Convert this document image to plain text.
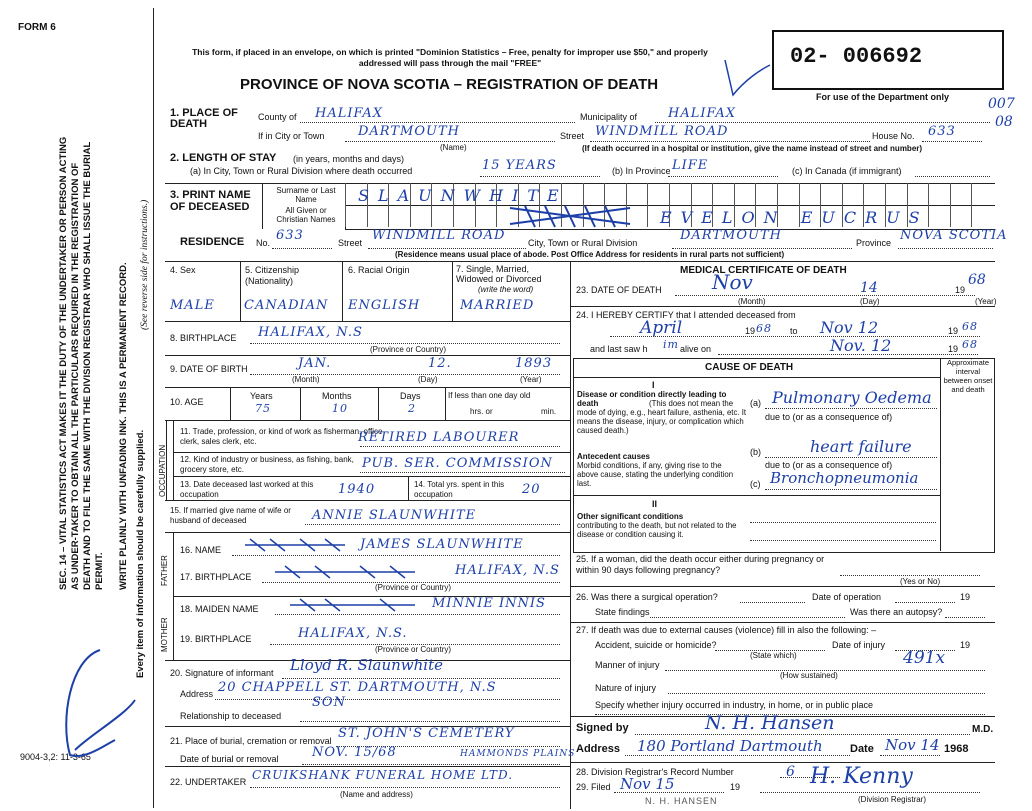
FORM 6
SEC. 14 – VITAL STATISTICS ACT MAKES IT THE DUTY OF THE UNDERTAKER OR PERSON ACTING AS UNDER-TAKER TO OBTAIN ALL THE PARTICULARS REQUIRED IN THE REGISTRATION OF DEATH AND TO FILE THE SAME WITH THE DIVISION REGISTRAR WHO SHALL ISSUE THE BURIAL PERMIT. WRITE PLAINLY WITH UNFADING INK. THIS IS A PERMANENT RECORD. Every item of information should be carefully supplied.
(See reverse side for instructions.)
9004-3,2: 11-3-65
This form, if placed in an envelope, on which is printed "Dominion Statistics – Free, penalty for improper use $50," and properly addressed will pass through the mail "FREE"
PROVINCE OF NOVA SCOTIA – REGISTRATION OF DEATH
02- 006692
For use of the Department only	007
08
1. PLACE OF DEATH
County of HALIFAX	Municipality of HALIFAX
If in City or Town	DARTMOUTH
(Name)
Street WINDMILL ROAD	House No. 633
(If death occurred in a hospital or institution, give the name instead of street and number)
2. LENGTH OF STAY (in years, months and days)
(a) In City, Town or Rural Division where death occurred	15 YEARS	(b) In Province LIFE	(c) In Canada (if immigrant)
3. PRINT NAME OF DECEASED
Surname or Last Name
All Given or Christian Names
SLAUNWHITE
EVELON EUCRUS
RESIDENCE No. 633	Street WINDMILL ROAD	City, Town or Rural Division	DARTMOUTH	Province NOVA SCOTIA
(Residence means usual place of abode. Post Office Address for residents in rural parts not sufficient)
4. Sex
MALE
5. Citizenship (Nationality)
CANADIAN
6. Racial Origin
ENGLISH
7. Single, Married, Widowed or Divorced
(write the word)
MARRIED
8. BIRTHPLACE HALIFAX, N.S
(Province or Country)
9. DATE OF BIRTH	JAN.	12.	1893
(Month)	(Day)	(Year)
10. AGE
Years	Months	Days
75	10	2
If less than one day old
hrs. or	min.
OCCUPATION
11. Trade, profession, or kind of work as fisherman, office clerk, sales clerk, etc.	RETIRED LABOURER
12. Kind of industry or business, as fishing, bank, grocery store, etc.	PUB. SER. COMMISSION
13. Date deceased last worked at this occupation	1940	14. Total yrs. spent in this occupation	20
15. If married give name of wife or husband of deceased	ANNIE SLAUNWHITE
FATHER
MOTHER
16. NAME	JAMES SLAUNWHITE
17. BIRTHPLACE	HALIFAX, N.S
(Province or Country)
18. MAIDEN NAME	MINNIE INNIS
19. BIRTHPLACE	HALIFAX, N.S.
(Province or Country)
20. Signature of informant Lloyd R. Slaunwhite
Address 20 CHAPPELL ST. DARTMOUTH, N.S
SON
Relationship to deceased
21. Place of burial, cremation or removal ST. JOHN'S CEMETERY
Date of burial or removal	NOV. 15/68	HAMMONDS PLAINS
22. UNDERTAKER CRUIKSHANK FUNERAL HOME LTD.
(Name and address)
MEDICAL CERTIFICATE OF DEATH
23. DATE OF DEATH	Nov	14	19
68
(Month)	(Day)	(Year)
24. I HEREBY CERTIFY that I attended deceased from
April	19 68 to Nov 12	19 68
and last saw h im alive on	Nov. 12	19 68
CAUSE OF DEATH	Approximate interval between onset and death
I
Disease or condition directly leading to death	(This does not mean the mode of dying, e.g., heart failure, asthenia, etc. It means the disease, injury, or complication which caused death.)
(a) Pulmonary Oedema
due to (or as a consequence of)
Antecedent causes
Morbid conditions, if any, giving rise to the above cause, stating the underlying condition last.
(b)	heart failure
due to (or as a consequence of)
(c) Bronchopneumonia
II
Other significant conditions
contributing to the death, but not related to the disease or condition causing it.
25. If a woman, did the death occur either during pregnancy or within 90 days following pregnancy?
(Yes or No)
26. Was there a surgical operation?	Date of operation	19
State findings	Was there an autopsy?
27. If death was due to external causes (violence) fill in also the following: –
Accident, suicide or homicide?
(State which)
Date of injury	19
491x
Manner of injury
(How sustained)
Nature of injury
Specify whether injury occurred in industry, in home, or in public place
Signed by	N. H. Hansen	M.D.
Address 180 Portland Dartmouth Date Nov 14 1968
28. Division Registrar's Record Number	6
29. Filed Nov 15	19	H. Kenny
(Division Registrar)
N. H. HANSEN
